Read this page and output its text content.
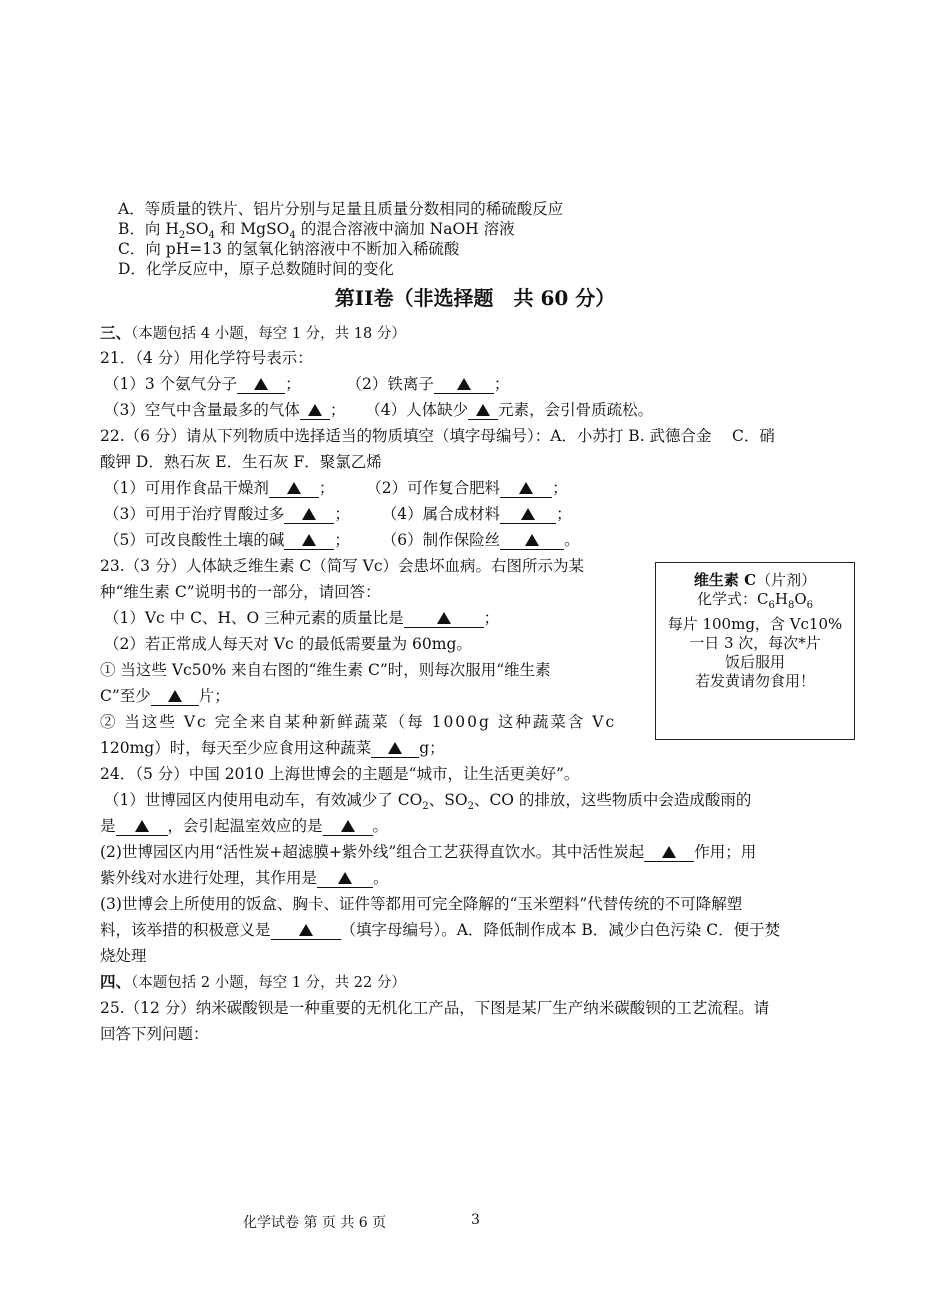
A．等质量的铁片、铝片分别与足量且质量分数相同的稀硫酸反应
B．向 $H_2SO_4$ 和 MgSO$_4$ 的混合溶液中滴加 NaOH 溶液
C．向 pH=13 的氢氧化钠溶液中不断加入稀硫酸
D．化学反应中，原子总数随时间的变化
第II卷（非选择题　共 60 分）
三、（本题包括 4 小题，每空 1 分，共 18 分）
21．（4 分）用化学符号表示：
（1）3 个氨气分子	；	（2）铁离子	；
（3）空气中含量最多的气体 ； （4）人体缺少 元素，会引骨质疏松。
22.（6 分）请从下列物质中选择适当的物质填空（填字母编号）：A．小苏打 B. 武德合金　 C．硝
酸钾 D．熟石灰 E．生石灰 F．聚氯乙烯
（1）可用作食品干燥剂	； （2）可作复合肥料	；
（3）可用于治疗胃酸过多	； （4）属合成材料	；
（5）可改良酸性土壤的碱	； （6）制作保险丝	。
23.（3 分）人体缺乏维生素 C（简写 Vc）会患坏血病。右图所示为某
种“维生素 C”说明书的一部分，请回答：
（1）Vc 中 C、H、O 三种元素的质量比是	；
（2）若正常成人每天对 Vc 的最低需要量为 60mg。
① 当这些 Vc50% 来自右图的“维生素 C”时，则每次服用“维生素
C”至少	片；
② 当这些 Vc 完全来自某种新鲜蔬菜（每 1000g 这种蔬菜含 Vc
120mg）时，每天至少应食用这种蔬菜	g；
维生素 C（片剂）
化学式：$C_6H_8O_6$
每片 100mg，含 Vc10%
一日 3 次，每次*片
饭后服用
若发黄请勿食用！
24．（5 分）中国 2010 上海世博会的主题是“城市，让生活更美好”。
（1）世博园区内使用电动车，有效减少了 $CO_2$、$SO_2$、CO 的排放，这些物质中会造成酸雨的
是	，会引起温室效应的是	。
(2)世博园区内用“活性炭+超滤膜+紫外线”组合工艺获得直饮水。其中活性炭起	作用；用
紫外线对水进行处理，其作用是	。
(3)世博会上所使用的饭盒、胸卡、证件等都用可完全降解的“玉米塑料”代替传统的不可降解塑
料，该举措的积极意义是	（填字母编号）。A．降低制作成本 B．减少白色污染 C．便于焚
烧处理
四、（本题包括 2 小题，每空 1 分，共 22 分）
25.（12 分）纳米碳酸钡是一种重要的无机化工产品，下图是某厂生产纳米碳酸钡的工艺流程。请
回答下列问题：
化学试卷 第 页 共 6 页	3
